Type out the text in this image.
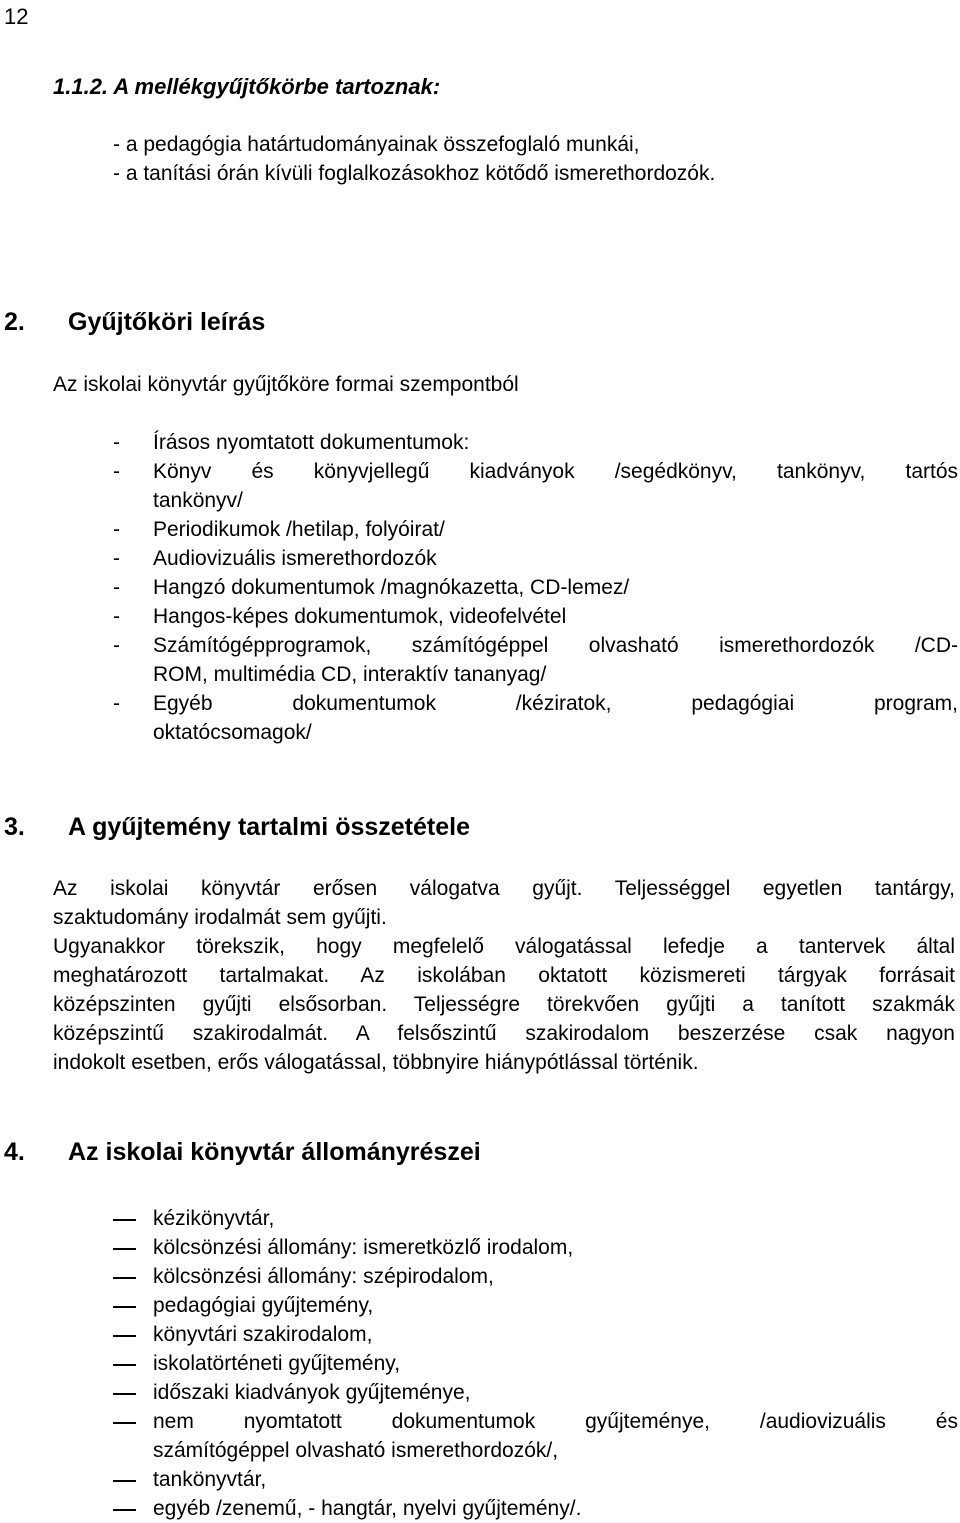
12
1.1.2. A mellékgyűjtőkörbe tartoznak:
- a pedagógia határtudományainak összefoglaló munkái,
- a tanítási órán kívüli foglalkozásokhoz kötődő ismerethordozók.
2. Gyűjtőköri leírás
Az iskolai könyvtár gyűjtőköre formai szempontból
- Írásos nyomtatott dokumentumok:
- Könyv és könyvjellegű kiadványok /segédkönyv, tankönyv, tartós
tankönyv/
- Periodikumok /hetilap, folyóirat/
- Audiovizuális ismerethordozók
- Hangzó dokumentumok /magnókazetta, CD-lemez/
- Hangos-képes dokumentumok, videofelvétel
- Számítógépprogramok, számítógéppel olvasható ismerethordozók /CD-
ROM, multimédia CD, interaktív tananyag/
- Egyéb dokumentumok /kéziratok, pedagógiai program,
oktatócsomagok/
3. A gyűjtemény tartalmi összetétele
Az iskolai könyvtár erősen válogatva gyűjt. Teljességgel egyetlen tantárgy,
szaktudomány irodalmát sem gyűjti.
Ugyanakkor törekszik, hogy megfelelő válogatással lefedje a tantervek által
meghatározott tartalmakat. Az iskolában oktatott közismereti tárgyak forrásait
középszinten gyűjti elsősorban. Teljességre törekvően gyűjti a tanított szakmák
középszintű szakirodalmát. A felsőszintű szakirodalom beszerzése csak nagyon
indokolt esetben, erős válogatással, többnyire hiánypótlással történik.
4. Az iskolai könyvtár állományrészei
kézikönyvtár,
kölcsönzési állomány: ismeretközlő irodalom,
kölcsönzési állomány: szépirodalom,
pedagógiai gyűjtemény,
könyvtári szakirodalom,
iskolatörténeti gyűjtemény,
időszaki kiadványok gyűjteménye,
nem nyomtatott dokumentumok gyűjteménye, /audiovizuális és
számítógéppel olvasható ismerethordozók/,
tankönyvtár,
egyéb /zenemű, - hangtár, nyelvi gyűjtemény/.
